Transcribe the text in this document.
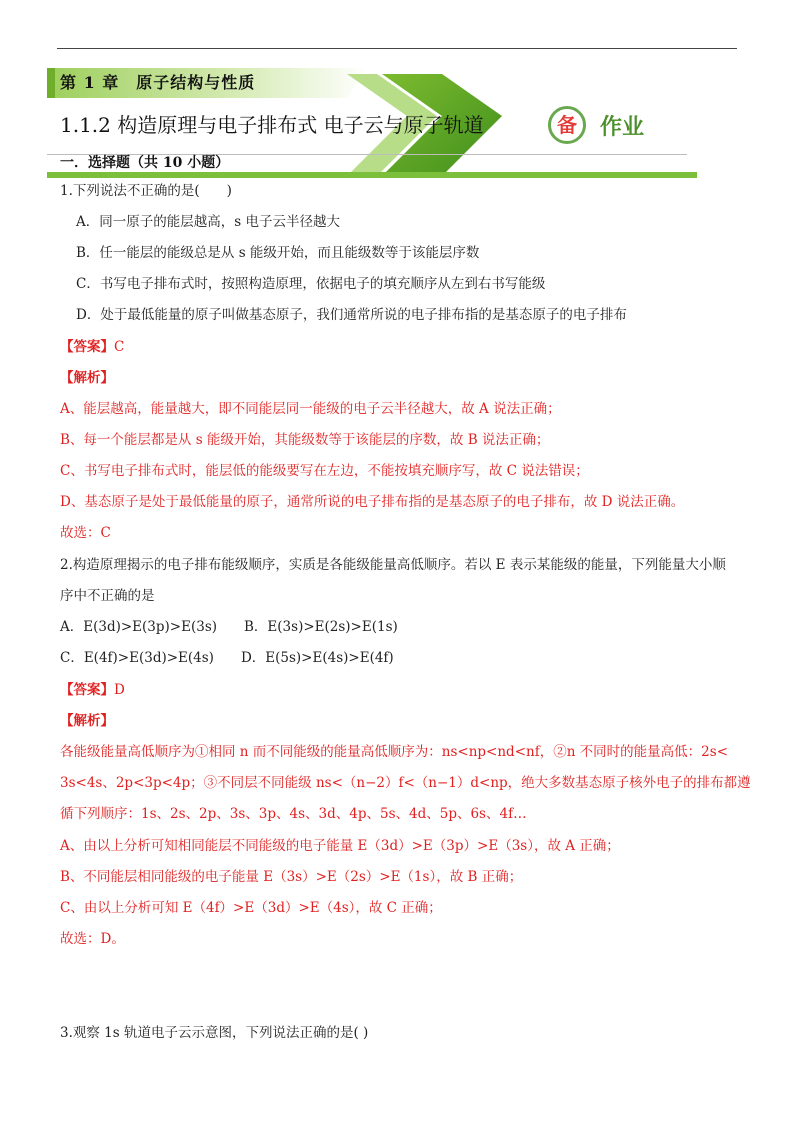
第 1 章　原子结构与性质
1.1.2 构造原理与电子排布式 电子云与原子轨道	备	作业
一．选择题（共 10 小题）
1.下列说法不正确的是(　　)
A．同一原子的能层越高，s 电子云半径越大
B．任一能层的能级总是从 s 能级开始，而且能级数等于该能层序数
C．书写电子排布式时，按照构造原理，依据电子的填充顺序从左到右书写能级
D．处于最低能量的原子叫做基态原子，我们通常所说的电子排布指的是基态原子的电子排布
【答案】C
【解析】
A、能层越高，能量越大，即不同能层同一能级的电子云半径越大，故 A 说法正确；
B、每一个能层都是从 s 能级开始，其能级数等于该能层的序数，故 B 说法正确；
C、书写电子排布式时，能层低的能级要写在左边，不能按填充顺序写，故 C 说法错误；
D、基态原子是处于最低能量的原子，通常所说的电子排布指的是基态原子的电子排布，故 D 说法正确。
故选：C
2.构造原理揭示的电子排布能级顺序，实质是各能级能量高低顺序。若以 E 表示某能级的能量，下列能量大小顺
序中不正确的是
A．E(3d)>E(3p)>E(3s)　　B．E(3s)>E(2s)>E(1s)
C．E(4f)>E(3d)>E(4s)　　D．E(5s)>E(4s)>E(4f)
【答案】D
【解析】
各能级能量高低顺序为①相同 n 而不同能级的能量高低顺序为：ns<np<nd<nf，②n 不同时的能量高低：2s<
3s<4s、2p<3p<4p；③不同层不同能级 ns<（n−2）f<（n−1）d<np，绝大多数基态原子核外电子的排布都遵
循下列顺序：1s、2s、2p、3s、3p、4s、3d、4p、5s、4d、5p、6s、4f…
A、由以上分析可知相同能层不同能级的电子能量 E（3d）>E（3p）>E（3s），故 A 正确；
B、不同能层相同能级的电子能量 E（3s）>E（2s）>E（1s），故 B 正确；
C、由以上分析可知 E（4f）>E（3d）>E（4s），故 C 正确；
故选：D。
3.观察 1s 轨道电子云示意图，下列说法正确的是( )
